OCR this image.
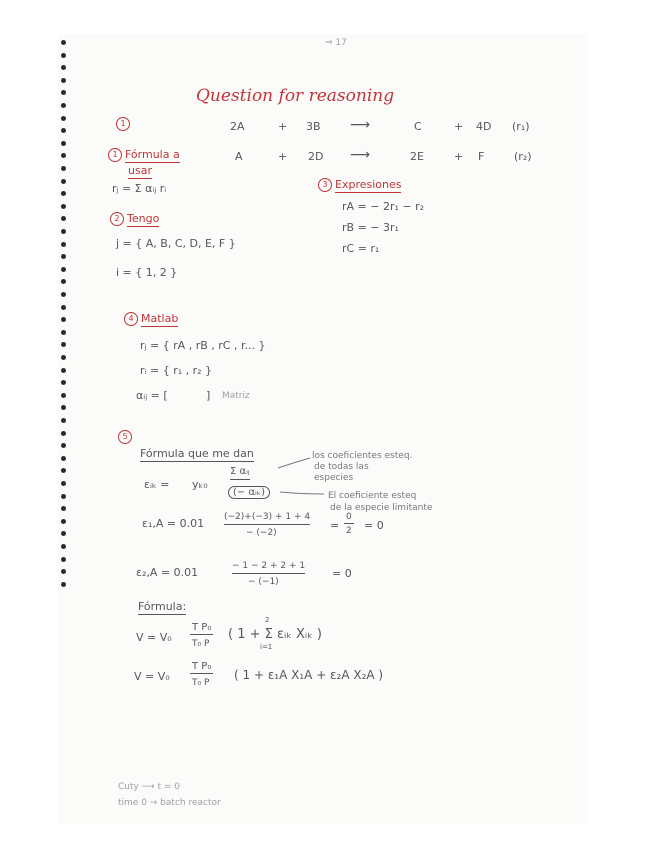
⇒ 17
Question for reasoning
1	2A	+ 3B ⟶	C	+ 4D (r₁)
A	+ 2D ⟶	2E	+ F	(r₂)
1 Fórmula a
usar
rⱼ = Σ αᵢⱼ rᵢ
2 Tengo
j = { A, B, C, D, E, F }
i = { 1, 2 }
3 Expresiones
rA = − 2r₁ − r₂
rB = − 3r₁
rC = r₁
4 Matlab
rⱼ = { rA , rB , rC , r... }
rᵢ = { r₁ , r₂ }
αᵢⱼ = [	] Matriz
5
Fórmula que me dan
εᵢₖ = yₖ₀
Σ αᵢⱼ
(− αᵢₖ)
los coeficientes esteq.
de todas las
especies
El coeficiente esteq
de la especie limitante
ε₁,A = 0.01 (−2)+(−3) + 1 + 4
− (−2)
=
0
2 = 0
ε₂,A = 0.01	− 1 − 2 + 2 + 1
− (−1)
= 0
Fórmula:
V = V₀
T P₀
T₀ P
( 1 + Σ εᵢₖ Xᵢₖ )
2
i=1
V = V₀
T P₀
T₀ P
( 1 + ε₁A X₁A + ε₂A X₂A )
Cuty ⟶ t = 0
time 0 → batch reactor
